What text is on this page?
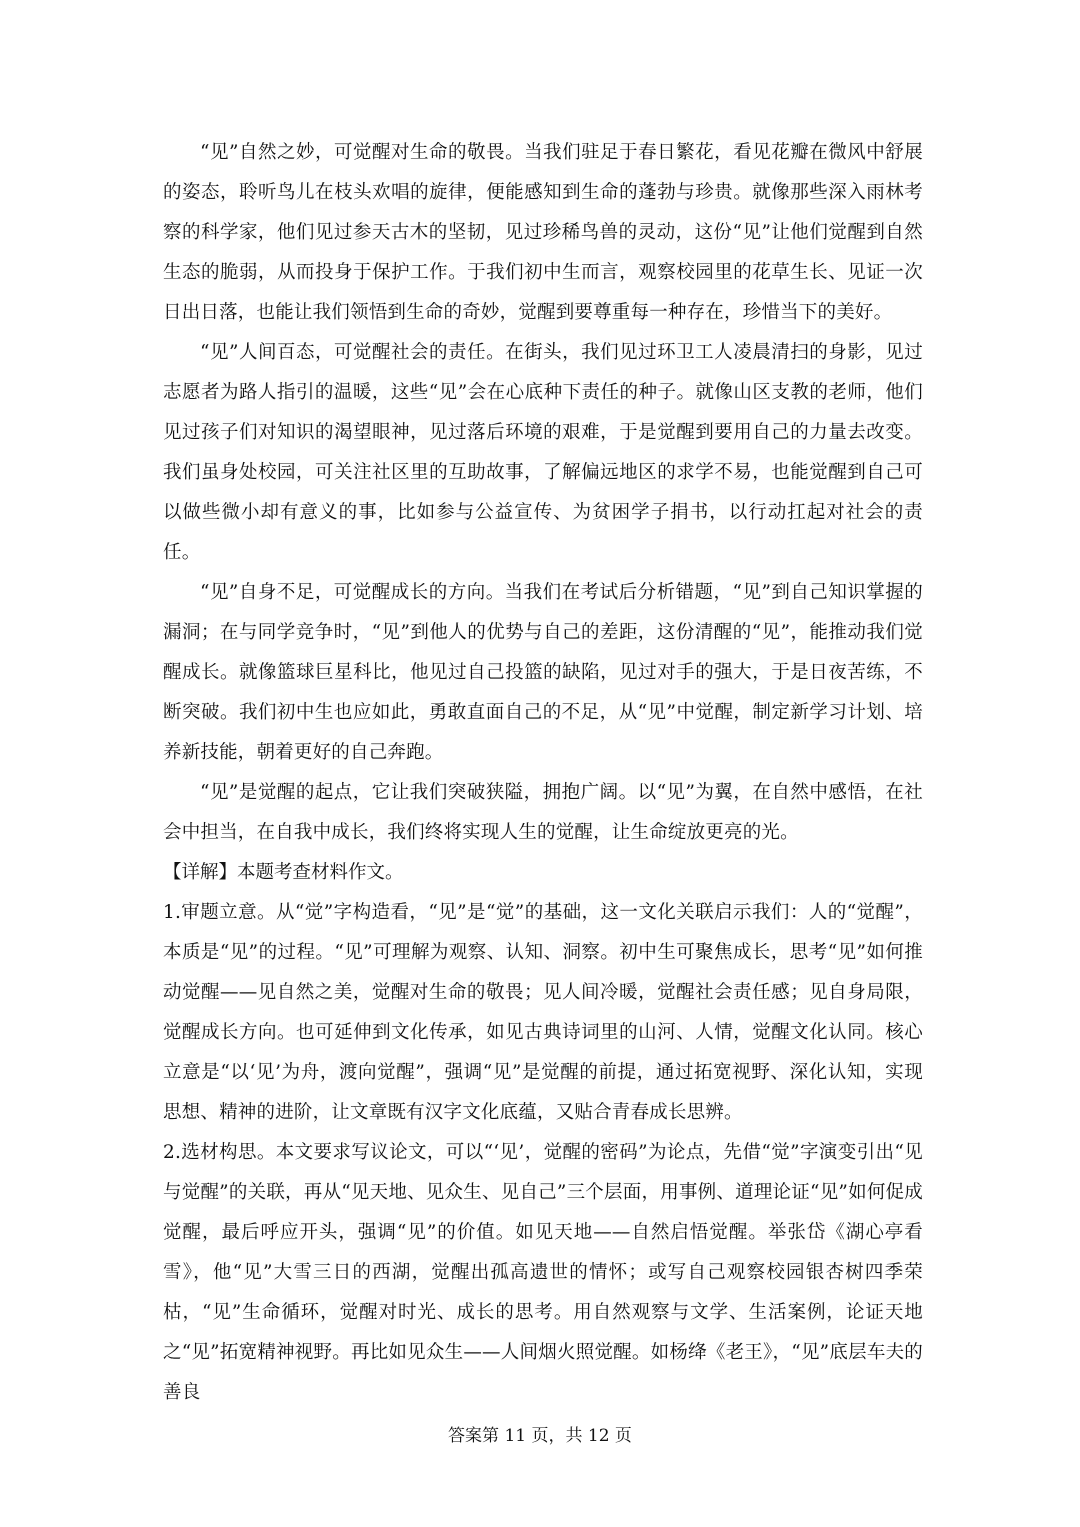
“见”自然之妙，可觉醒对生命的敬畏。当我们驻足于春日繁花，看见花瓣在微风中舒展的姿态，聆听鸟儿在枝头欢唱的旋律，便能感知到生命的蓬勃与珍贵。就像那些深入雨林考察的科学家，他们见过参天古木的坚韧，见过珍稀鸟兽的灵动，这份“见”让他们觉醒到自然生态的脆弱，从而投身于保护工作。于我们初中生而言，观察校园里的花草生长、见证一次日出日落，也能让我们领悟到生命的奇妙，觉醒到要尊重每一种存在，珍惜当下的美好。

“见”人间百态，可觉醒社会的责任。在街头，我们见过环卫工人凌晨清扫的身影，见过志愿者为路人指引的温暖，这些“见”会在心底种下责任的种子。就像山区支教的老师，他们见过孩子们对知识的渴望眼神，见过落后环境的艰难，于是觉醒到要用自己的力量去改变。我们虽身处校园，可关注社区里的互助故事，了解偏远地区的求学不易，也能觉醒到自己可以做些微小却有意义的事，比如参与公益宣传、为贫困学子捐书，以行动扛起对社会的责任。

“见”自身不足，可觉醒成长的方向。当我们在考试后分析错题，“见”到自己知识掌握的漏洞；在与同学竞争时，“见”到他人的优势与自己的差距，这份清醒的“见”，能推动我们觉醒成长。就像篮球巨星科比，他见过自己投篮的缺陷，见过对手的强大，于是日夜苦练，不断突破。我们初中生也应如此，勇敢直面自己的不足，从“见”中觉醒，制定新学习计划、培养新技能，朝着更好的自己奔跑。

“见”是觉醒的起点，它让我们突破狭隘，拥抱广阔。以“见”为翼，在自然中感悟，在社会中担当，在自我中成长，我们终将实现人生的觉醒，让生命绽放更亮的光。

【详解】本题考查材料作文。

1.审题立意。从“觉”字构造看，“见”是“觉”的基础，这一文化关联启示我们：人的“觉醒”，本质是“见”的过程。“见”可理解为观察、认知、洞察。初中生可聚焦成长，思考“见”如何推动觉醒——见自然之美，觉醒对生命的敬畏；见人间冷暖，觉醒社会责任感；见自身局限，觉醒成长方向。也可延伸到文化传承，如见古典诗词里的山河、人情，觉醒文化认同。核心立意是“以‘见’为舟，渡向觉醒”，强调“见”是觉醒的前提，通过拓宽视野、深化认知，实现思想、精神的进阶，让文章既有汉字文化底蕴，又贴合青春成长思辨。

2.选材构思。本文要求写议论文，可以“‘见’，觉醒的密码”为论点，先借“觉”字演变引出“见与觉醒”的关联，再从“见天地、见众生、见自己”三个层面，用事例、道理论证“见”如何促成觉醒，最后呼应开头，强调“见”的价值。如见天地——自然启悟觉醒。举张岱《湖心亭看雪》，他“见”大雪三日的西湖，觉醒出孤高遗世的情怀；或写自己观察校园银杏树四季荣枯，“见”生命循环，觉醒对时光、成长的思考。用自然观察与文学、生活案例，论证天地之“见”拓宽精神视野。再比如见众生——人间烟火照觉醒。如杨绛《老王》，“见”底层车夫的善良

答案第 11 页，共 12 页
